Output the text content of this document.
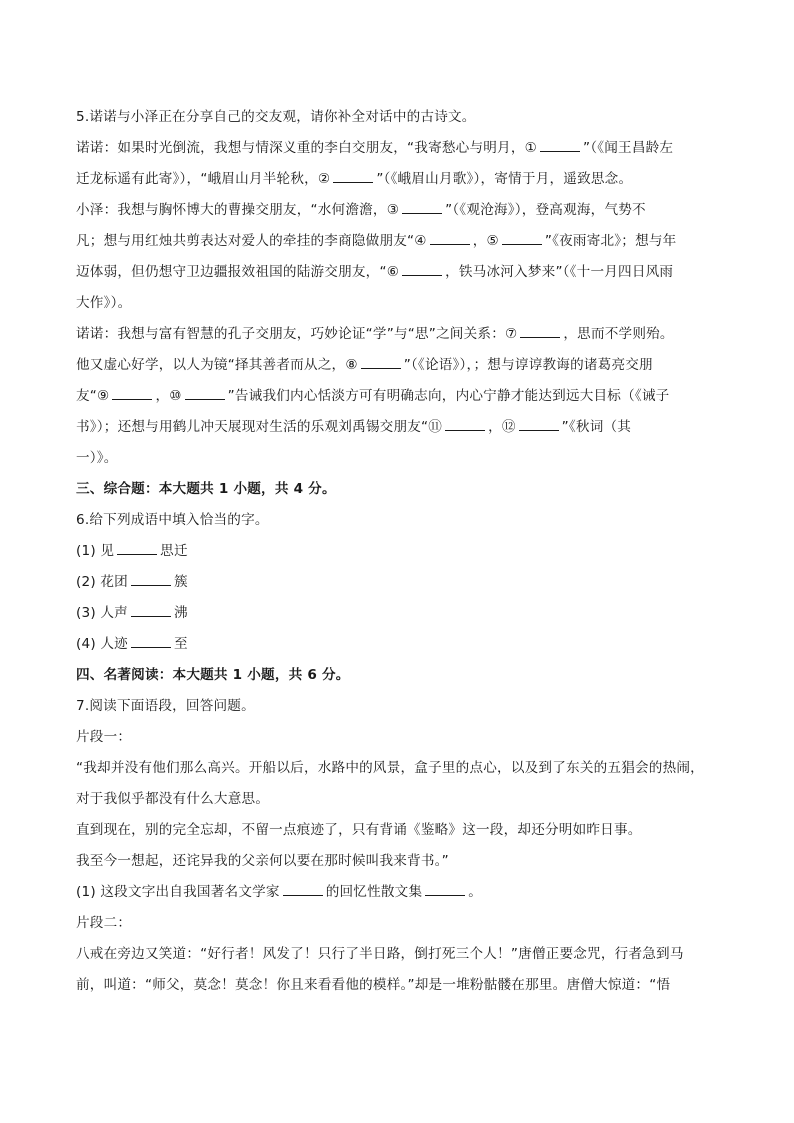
5.诺诺与小泽正在分享自己的交友观，请你补全对话中的古诗文。
诺诺：如果时光倒流，我想与情深义重的李白交朋友，“我寄愁心与明月，①	”（《闻王昌龄左
迁龙标遥有此寄》），“峨眉山月半轮秋，②	”（《峨眉山月歌》），寄情于月，遥致思念。
小泽：我想与胸怀博大的曹操交朋友，“水何澹澹，③	”（《观沧海》），登高观海，气势不
凡；想与用红烛共剪表达对爱人的牵挂的李商隐做朋友“④	，⑤	”《夜雨寄北》；想与年
迈体弱，但仍想守卫边疆报效祖国的陆游交朋友，“⑥	，铁马冰河入梦来”（《十一月四日风雨
大作》）。
诺诺：我想与富有智慧的孔子交朋友，巧妙论证“学”与“思”之间关系：⑦	，思而不学则殆。
他又虚心好学，以人为镜“择其善者而从之，⑧	”（《论语》），；想与谆谆教诲的诸葛亮交朋
友“⑨	，⑩	”告诫我们内心恬淡方可有明确志向，内心宁静才能达到远大目标（《诫子
书》）；还想与用鹤儿冲天展现对生活的乐观刘禹锡交朋友“⑪	，⑫	”《秋词（其
一）》。
三、综合题：本大题共 1 小题，共 4 分。
6.给下列成语中填入恰当的字。
(1) 见	思迁
(2) 花团	簇
(3) 人声	沸
(4) 人迹	至
四、名著阅读：本大题共 1 小题，共 6 分。
7.阅读下面语段，回答问题。
片段一：
“我却并没有他们那么高兴。开船以后，水路中的风景，盒子里的点心，以及到了东关的五猖会的热闹，
对于我似乎都没有什么大意思。
直到现在，别的完全忘却，不留一点痕迹了，只有背诵《鉴略》这一段，却还分明如昨日事。
我至今一想起，还诧异我的父亲何以要在那时候叫我来背书。”
(1) 这段文字出自我国著名文学家	的回忆性散文集	。
片段二：
八戒在旁边又笑道：“好行者！风发了！只行了半日路，倒打死三个人！”唐僧正要念咒，行者急到马
前，叫道：“师父，莫念！莫念！你且来看看他的模样。”却是一堆粉骷髅在那里。唐僧大惊道：“悟
